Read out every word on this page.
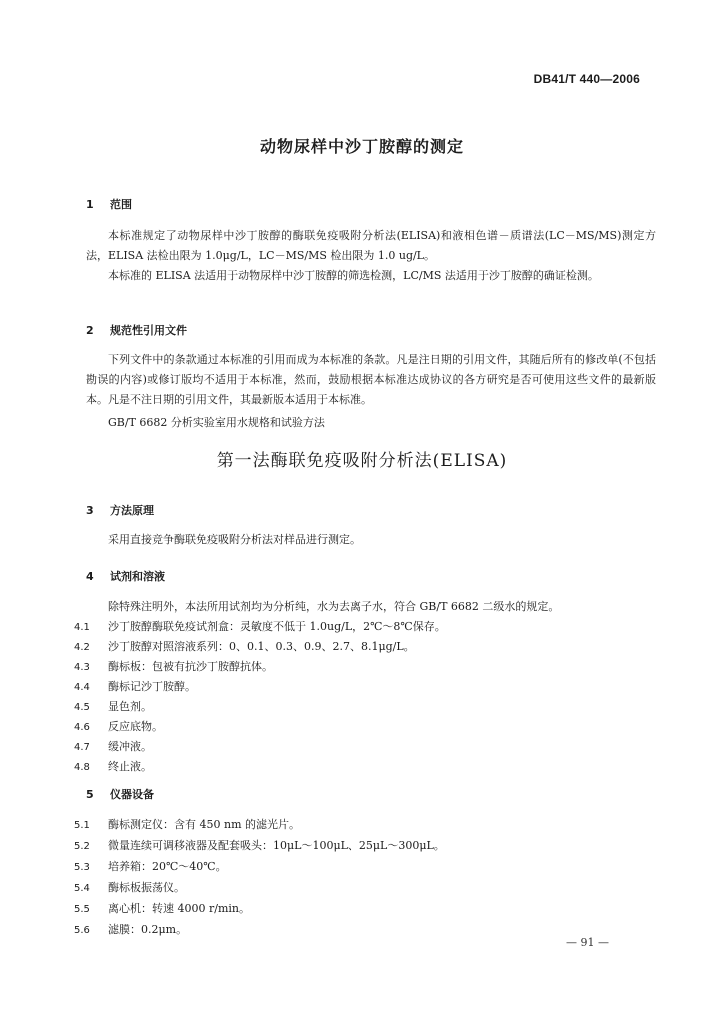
DB41/T 440—2006
动物尿样中沙丁胺醇的测定
1 范围
本标准规定了动物尿样中沙丁胺醇的酶联免疫吸附分析法(ELISA)和液相色谱－质谱法(LC－MS/MS)测定方法，ELISA 法检出限为 1.0μg/L，LC－MS/MS 检出限为 1.0 ug/L。
本标准的 ELISA 法适用于动物尿样中沙丁胺醇的筛选检测，LC/MS 法适用于沙丁胺醇的确证检测。
2 规范性引用文件
下列文件中的条款通过本标准的引用而成为本标准的条款。凡是注日期的引用文件，其随后所有的修改单(不包括勘误的内容)或修订版均不适用于本标准，然而，鼓励根据本标准达成协议的各方研究是否可使用这些文件的最新版本。凡是不注日期的引用文件，其最新版本适用于本标准。
GB/T 6682 分析实验室用水规格和试验方法
第一法酶联免疫吸附分析法(ELISA)
3 方法原理
采用直接竞争酶联免疫吸附分析法对样品进行测定。
4 试剂和溶液
除特殊注明外，本法所用试剂均为分析纯，水为去离子水，符合 GB/T 6682 二级水的规定。
4.1 沙丁胺醇酶联免疫试剂盒：灵敏度不低于 1.0ug/L，2℃～8℃保存。
4.2 沙丁胺醇对照溶液系列：0、0.1、0.3、0.9、2.7、8.1μg/L。
4.3 酶标板：包被有抗沙丁胺醇抗体。
4.4 酶标记沙丁胺醇。
4.5 显色剂。
4.6 反应底物。
4.7 缓冲液。
4.8 终止液。
5 仪器设备
5.1 酶标测定仪：含有 450 nm 的滤光片。
5.2 微量连续可调移液器及配套吸头：10μL～100μL、25μL～300μL。
5.3 培养箱：20℃～40℃。
5.4 酶标板振荡仪。
5.5 离心机：转速 4000 r/min。
5.6 滤膜：0.2μm。
— 91 —
